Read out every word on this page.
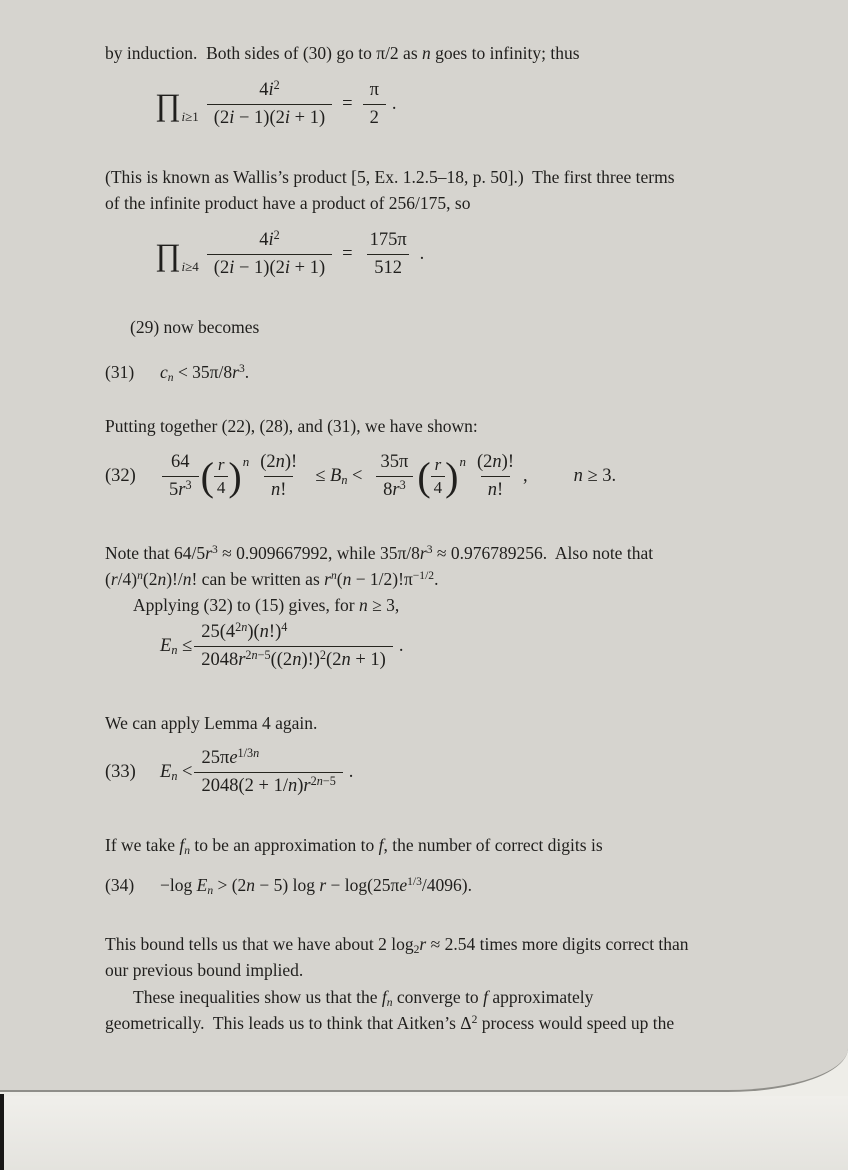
by induction.  Both sides of (30) go to π/2 as n goes to infinity; thus
∏ $i\ge 1 \frac{4i^2}{(2i - 1)(2i + 1)} = \frac{\pi}{2}$ .
(This is known as Wallis’s product [5, Ex. 1.2.5–18, p. 50].)  The first three terms
of the infinite product have a product of 256/175, so
∏ $i\ge 4 \frac{4i^2}{(2i - 1)(2i + 1)} = \frac{175\pi}{512}$ .
(29) now becomes
(31)	cn < $35\pi/8r^3$.
Putting together (22), (28), and (31), we have shown:
(32)	$\frac{64}{5r^3}$ ( $\frac{r}{4}$ ) n $\frac{(2n)!}{n!} \le Bn < \frac{35\pi}{8r^3}$ ( $\frac{r}{4}$ ) n $\frac{(2n)!}{n!}$ , n ≥ 3.
Note that $64/5r^3 \approx 0.909667992$, while $35\pi/8r^3 \approx 0.976789256$.  Also note that
$(r/4)^n(2n)!/n$! can be written as $r^n(n - 1/2)!\pi^{-1/2}$.
Applying (32) to (15) gives, for n ≥ 3,
$En \le \frac{25(4^{2n})(n!)^4}{2048r^{2n-5}((2n)!)^2(2n + 1)}$ .
We can apply Lemma 4 again.
(33)	$En < \frac{25\pi e^{1/3n}}{2048(2 + 1/n)r^{2n-5}}$ .
If we take fn to be an approximation to f, the number of correct digits is
(34)	−log En > (2n − 5) $\log r - \log(25\pi e^{1/3}/4096)$.
This bound tells us that we have about 2 log2r ≈ 2.54 times more digits correct than
our previous bound implied.
These inequalities show us that the fn converge to f approximately
geometrically.  This leads us to think that Aitken’s $\Delta^2$ process would speed up the
